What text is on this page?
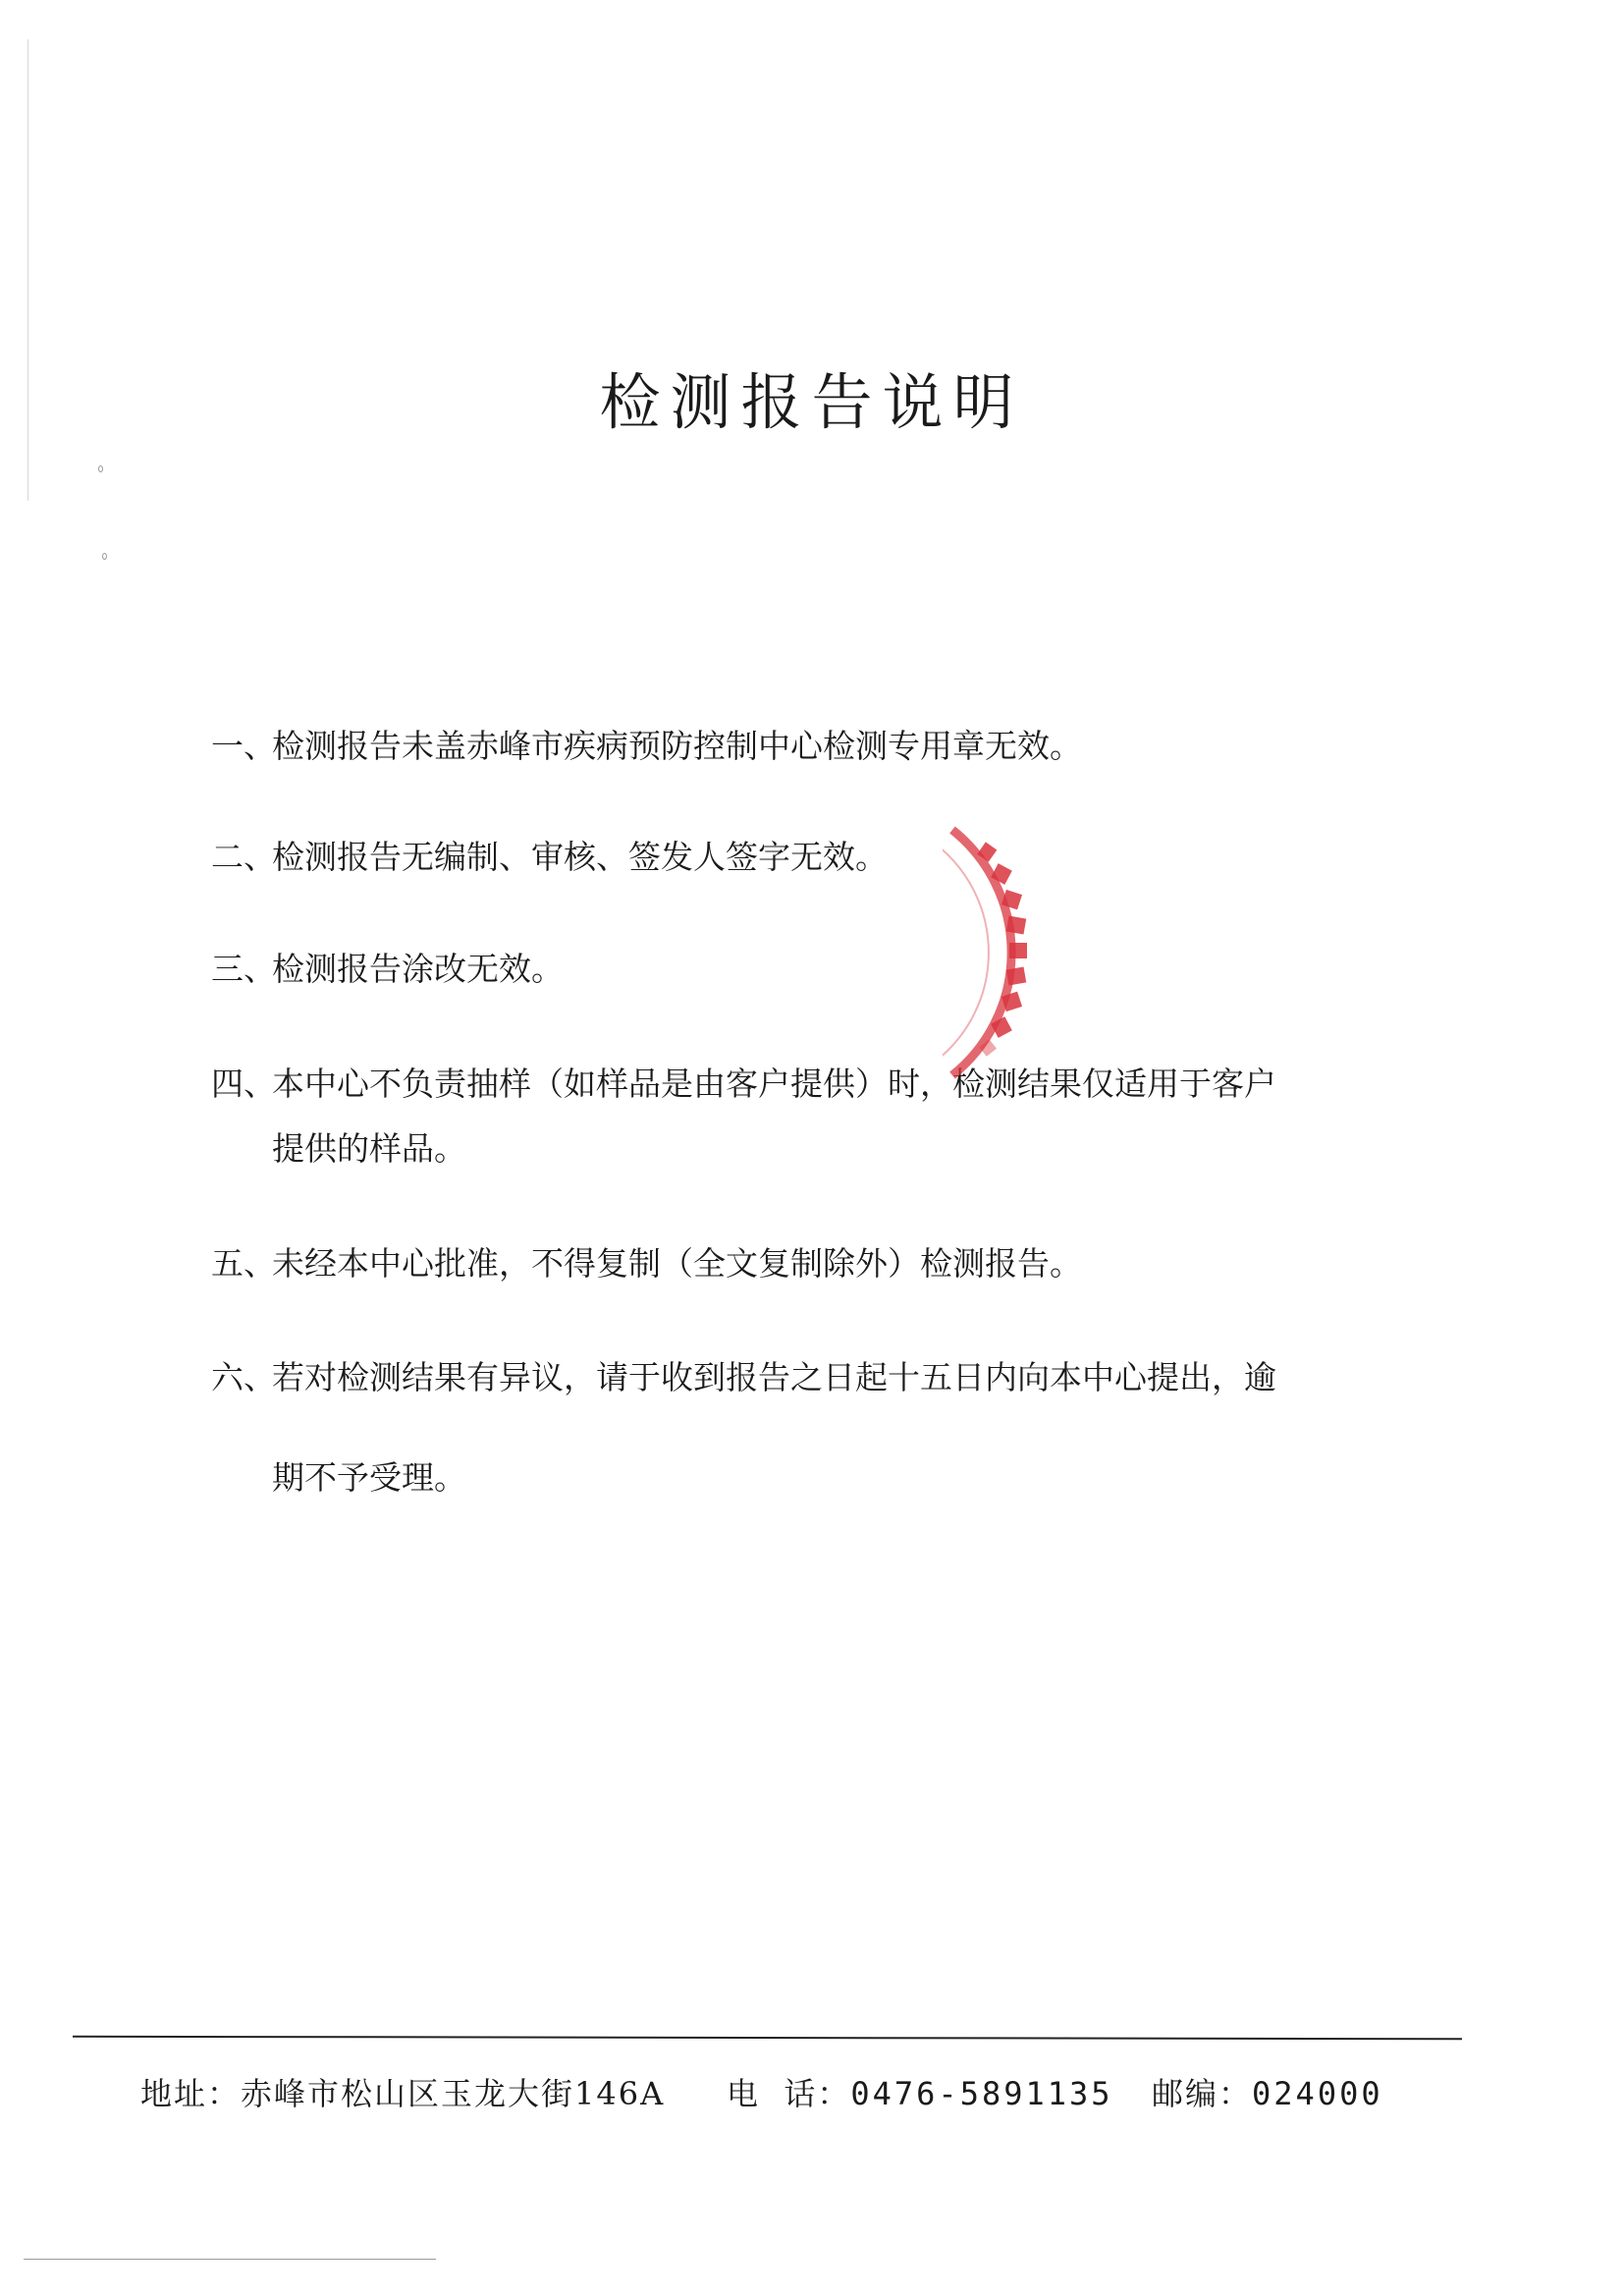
检测报告说明

一、检测报告未盖赤峰市疾病预防控制中心检测专用章无效。

二、检测报告无编制、审核、签发人签字无效。

三、检测报告涂改无效。

四、本中心不负责抽样（如样品是由客户提供）时，检测结果仅适用于客户

提供的样品。

五、未经本中心批准，不得复制（全文复制除外）检测报告。

六、若对检测结果有异议，请于收到报告之日起十五日内向本中心提出，逾

期不予受理。

地址：赤峰市松山区玉龙大街146A 电  话：0476-5891135 邮编：024000
